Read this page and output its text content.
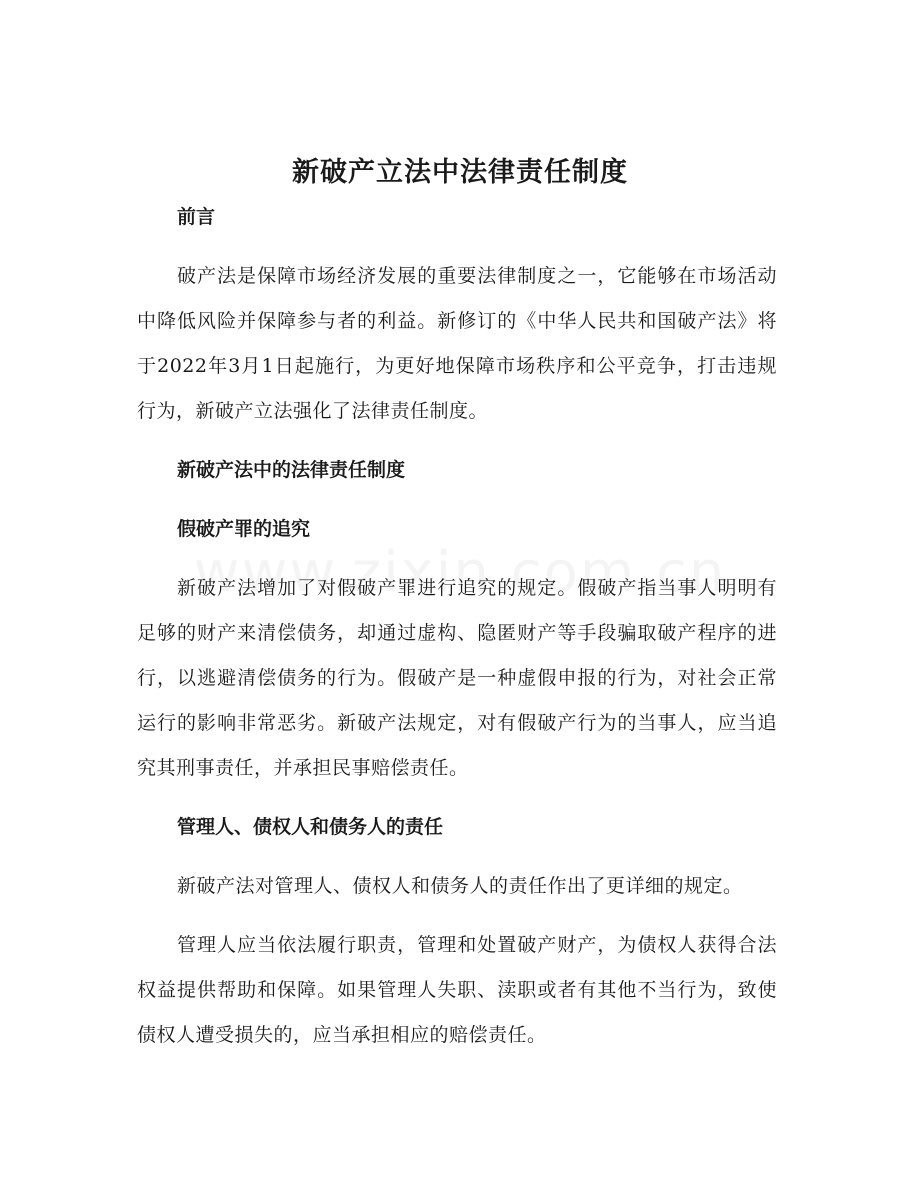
新破产立法中法律责任制度

前言

破产法是保障市场经济发展的重要法律制度之一，它能够在市场活动中降低风险并保障参与者的利益。新修订的《中华人民共和国破产法》将于2022年3月1日起施行，为更好地保障市场秩序和公平竞争，打击违规行为，新破产立法强化了法律责任制度。

新破产法中的法律责任制度

假破产罪的追究

新破产法增加了对假破产罪进行追究的规定。假破产指当事人明明有足够的财产来清偿债务，却通过虚构、隐匿财产等手段骗取破产程序的进行，以逃避清偿债务的行为。假破产是一种虚假申报的行为，对社会正常运行的影响非常恶劣。新破产法规定，对有假破产行为的当事人，应当追究其刑事责任，并承担民事赔偿责任。

管理人、债权人和债务人的责任

新破产法对管理人、债权人和债务人的责任作出了更详细的规定。

管理人应当依法履行职责，管理和处置破产财产，为债权人获得合法权益提供帮助和保障。如果管理人失职、渎职或者有其他不当行为，致使债权人遭受损失的，应当承担相应的赔偿责任。
